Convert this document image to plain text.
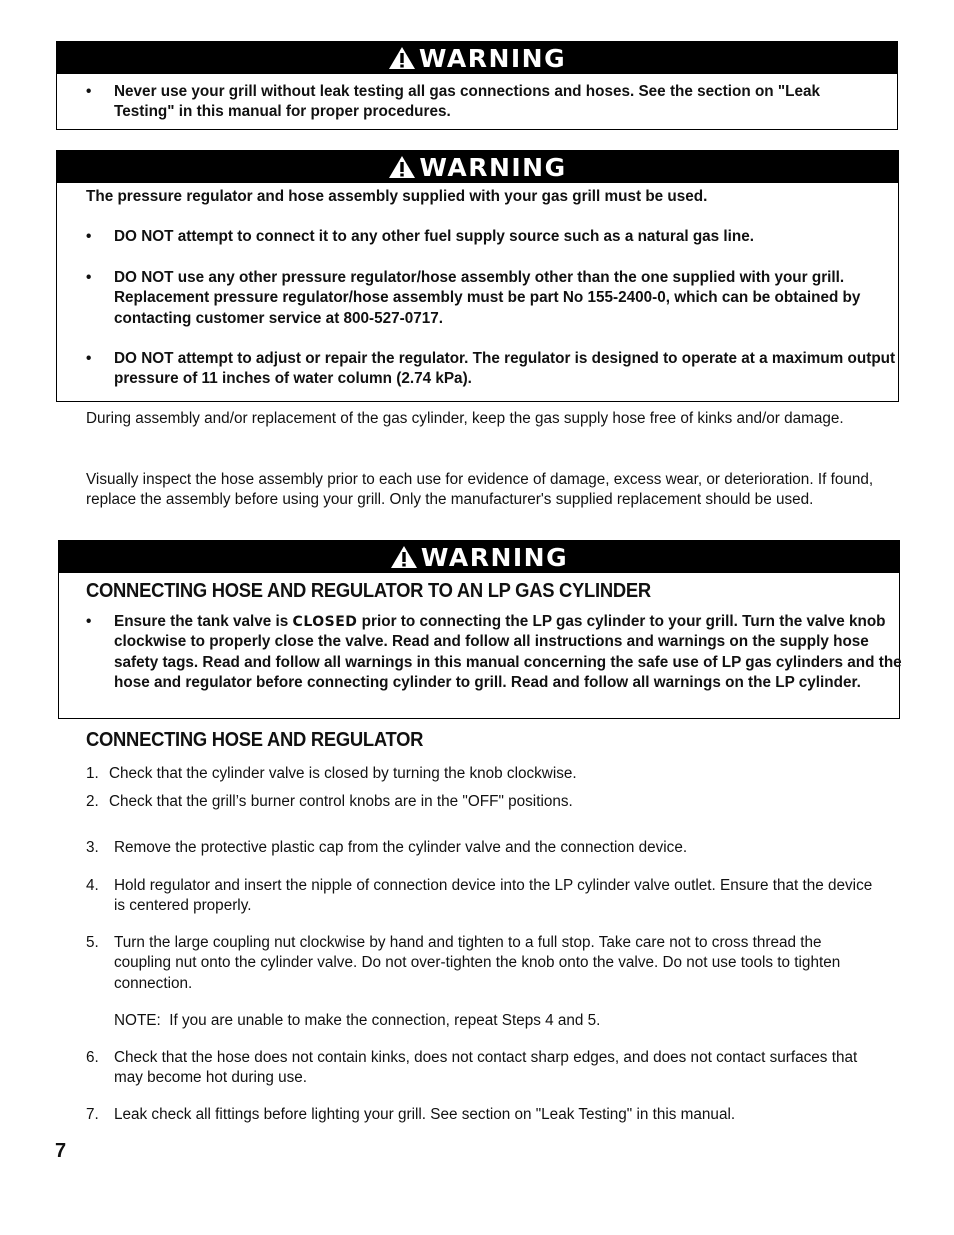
WARNING
• Never use your grill without leak testing all gas connections and hoses. See the section on "Leak Testing" in this manual for proper procedures.
WARNING

The pressure regulator and hose assembly supplied with your gas grill must be used.

• DO NOT attempt to connect it to any other fuel supply source such as a natural gas line.
• DO NOT use any other pressure regulator/hose assembly other than the one supplied with your grill. Replacement pressure regulator/hose assembly must be part No 155-2400-0, which can be obtained by contacting customer service at 800-527-0717.
• DO NOT attempt to adjust or repair the regulator. The regulator is designed to operate at a maximum output pressure of 11 inches of water column (2.74 kPa).

During assembly and/or replacement of the gas cylinder, keep the gas supply hose free of kinks and/or damage.

Visually inspect the hose assembly prior to each use for evidence of damage, excess wear, or deterioration. If found, replace the assembly before using your grill. Only the manufacturer's supplied replacement should be used.

WARNING
CONNECTING HOSE AND REGULATOR TO AN LP GAS CYLINDER
• Ensure the tank valve is CLOSED prior to connecting the LP gas cylinder to your grill. Turn the valve knob clockwise to properly close the valve. Read and follow all instructions and warnings on the supply hose safety tags. Read and follow all warnings in this manual concerning the safe use of LP gas cylinders and the hose and regulator before connecting cylinder to grill. Read and follow all warnings on the LP cylinder.
CONNECTING HOSE AND REGULATOR
1. Check that the cylinder valve is closed by turning the knob clockwise.
2. Check that the grill’s burner control knobs are in the "OFF" positions.
3. Remove the protective plastic cap from the cylinder valve and the connection device.
4. Hold regulator and insert the nipple of connection device into the LP cylinder valve outlet. Ensure that the device is centered properly.
5. Turn the large coupling nut clockwise by hand and tighten to a full stop. Take care not to cross thread the coupling nut onto the cylinder valve. Do not over-tighten the knob onto the valve. Do not use tools to tighten connection.
NOTE:  If you are unable to make the connection, repeat Steps 4 and 5.
6. Check that the hose does not contain kinks, does not contact sharp edges, and does not contact surfaces that may become hot during use.
7. Leak check all fittings before lighting your grill. See section on "Leak Testing" in this manual.
7
